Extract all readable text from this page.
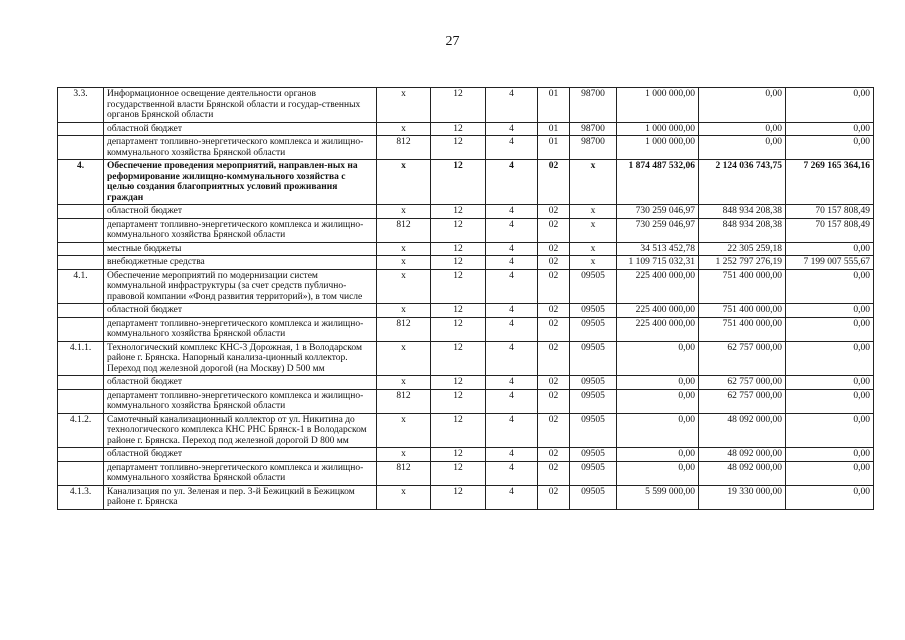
27
3.3.	Информационное освещение деятельности органов государственной власти Брянской области и государ-ственных органов Брянской области	x	12	4	01	98700	1 000 000,00	0,00	0,00
	областной бюджет	x	12	4	01	98700	1 000 000,00	0,00	0,00
	департамент топливно-энергетического комплекса и жилищно-коммунального хозяйства Брянской области	812	12	4	01	98700	1 000 000,00	0,00	0,00
4.	Обеспечение проведения мероприятий, направлен-ных на реформирование жилищно-коммунального хозяйства с целью создания благоприятных условий проживания граждан	x	12	4	02	x	1 874 487 532,06	2 124 036 743,75	7 269 165 364,16
	областной бюджет	x	12	4	02	x	730 259 046,97	848 934 208,38	70 157 808,49
	департамент топливно-энергетического комплекса и жилищно-коммунального хозяйства Брянской области	812	12	4	02	x	730 259 046,97	848 934 208,38	70 157 808,49
	местные бюджеты	x	12	4	02	x	34 513 452,78	22 305 259,18	0,00
	внебюджетные средства	x	12	4	02	x	1 109 715 032,31	1 252 797 276,19	7 199 007 555,67
4.1.	Обеспечение мероприятий по модернизации систем коммунальной инфраструктуры (за счет средств публично-правовой компании «Фонд развития территорий»), в том числе	x	12	4	02	09505	225 400 000,00	751 400 000,00	0,00
	областной бюджет	x	12	4	02	09505	225 400 000,00	751 400 000,00	0,00
	департамент топливно-энергетического комплекса и жилищно-коммунального хозяйства Брянской области	812	12	4	02	09505	225 400 000,00	751 400 000,00	0,00
4.1.1.	Технологический комплекс КНС-3 Дорожная, 1 в Володарском районе г. Брянска. Напорный канализа-ционный коллектор. Переход под железной дорогой (на Москву) D 500 мм	x	12	4	02	09505	0,00	62 757 000,00	0,00
	областной бюджет	x	12	4	02	09505	0,00	62 757 000,00	0,00
	департамент топливно-энергетического комплекса и жилищно-коммунального хозяйства Брянской области	812	12	4	02	09505	0,00	62 757 000,00	0,00
4.1.2.	Самотечный канализационный коллектор от ул. Никитина до технологического комплекса КНС РНС Брянск-1 в Володарском районе г. Брянска. Переход под железной дорогой D 800 мм	x	12	4	02	09505	0,00	48 092 000,00	0,00
	областной бюджет	x	12	4	02	09505	0,00	48 092 000,00	0,00
	департамент топливно-энергетического комплекса и жилищно-коммунального хозяйства Брянской области	812	12	4	02	09505	0,00	48 092 000,00	0,00
4.1.3.	Канализация по ул. Зеленая и пер. 3-й Бежицкий в Бежицком районе г. Брянска	x	12	4	02	09505	5 599 000,00	19 330 000,00	0,00
